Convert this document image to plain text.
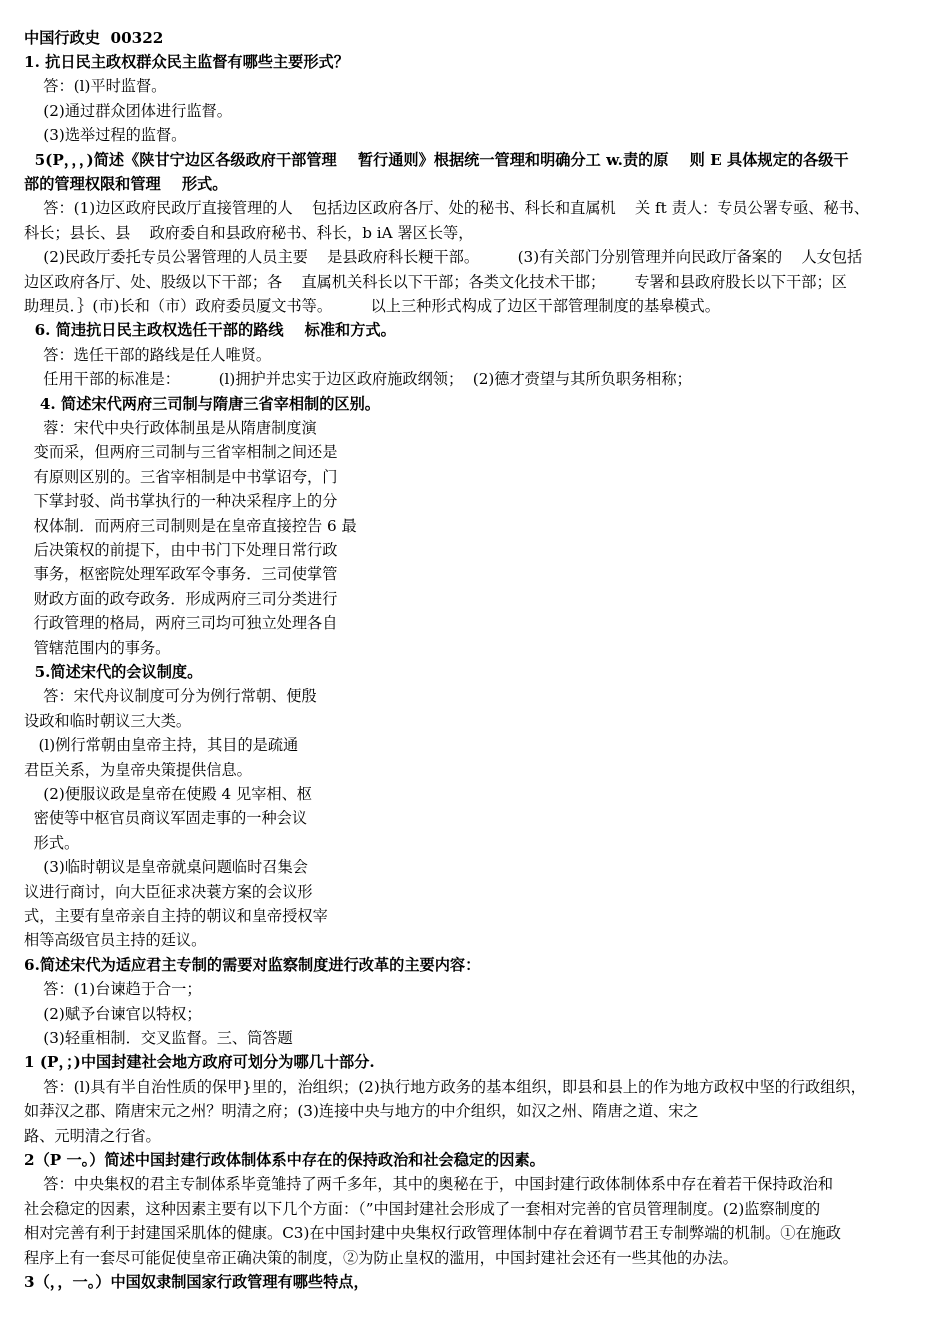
中国行政史  00322
1. 抗日民主政权群众民主监督有哪些主要形式？
答：(l)平时监督。
(2)通过群众团体进行监督。
(3)选举过程的监督。
5(P，，，)简述《陕甘宁边区各级政府干部管理    暂行通则》根据统一管理和明确分工 w.责的原    则 E 具体规定的各级干
部的管理权限和管理    形式。
答：(1)边区政府民政厅直接管理的人    包括边区政府各厅、处的秘书、科长和直属机    关 ft 责人：专员公署专亟、秘书、
科长；县长、县    政府委自和县政府秘书、科长，b iA 署区长等，
(2)民政厅委托专员公署管理的人员主要    是县政府科长粳干部。        (3)有关部门分别管理并向民政厅备案的    人女包括
边区政府各厅、处、股级以下干部；各    直属机关科长以下干部；各类文化技术干邯；      专署和县政府股长以下干部；区
助理员．｝(市)长和（市）政府委员厦文书等。        以上三种形式构成了边区干部管理制度的基皋模式。
6. 简违抗日民主政权选任干部的路线    标准和方式。
答：选任干部的路线是任人唯贤。
任用干部的标准是：        (l)拥护并忠实于边区政府施政纲领；  (2)德才赍望与其所负职务相称；
4. 简述宋代两府三司制与隋唐三省宰相制的区别。
蓉：宋代中央行政体制虽是从隋唐制度演
变而采，但两府三司制与三省宰相制之间还是
有原则区别的。三省宰相制是中书掌诏夸，门
下掌封驳、尚书掌执行的一种决采程序上的分
权体制．而两府三司制则是在皇帝直接控告 6 最
后决策权的前提下，由中书门下处理日常行政
事务，枢密院处理军政军令事务．三司使掌管
财政方面的政夸政务．形成两府三司分类进行
行政管理的格局，两府三司均可独立处理各自
管辖范围内的事务。
5.简述宋代的会议制度。
答：宋代舟议制度可分为例行常朝、便殷
设政和临时朝议三大类。
(l)例行常朝由皇帝主持，其目的是疏通
君臣关系，为皇帝央策提供信息。
(2)便服议政是皇帝在使殿 4 见宰相、枢
密使等中枢官员商议军固走事的一种会议
形式。
(3)临时朝议是皇帝就桌问题临时召集会
议进行商讨，向大臣征求决蓑方案的会议形
式，主要有皇帝亲自主持的朝议和皇帝授权宰
相等高级官员主持的廷议。
6.简述宋代为适应君主专制的需要对监察制度进行改革的主要内容：
答：(1)台谏趋于合一；
(2)赋予台谏官以特权；
(3)轻重相制．交叉监督。三、筒答题
1 (P，；)中国封建社会地方政府可划分为哪几十部分.
答：(l)具有半自治性质的保甲}里的，治组织；(2)执行地方政务的基本组织，即县和县上的作为地方政权中坚的行政组织，
如莽汉之郡、隋唐宋元之州？明清之府；(3)连接中央与地方的中介组织，如汉之州、隋唐之道、宋之
路、元明清之行省。
2（P 一。）简述中国封建行政体制体系中存在的保持政治和社会稳定的因素。
答：中央集权的君主专制体系毕竟雏持了两千多年，其中的奥秘在于，中国封建行政体制体系中存在着若干保持政治和
社会稳定的因素，这种因素主要有以下几个方面：（”中国封建社会形成了一套相对完善的官员管理制度。(2)监察制度的
相对完善有利于封建国采肌体的健康。C3)在中国封建中央集权行政管理体制中存在着调节君王专制弊端的机制。①在施政
程序上有一套尽可能促使皇帝正确决策的制度，②为防止皇权的滥用，中国封建社会还有一些其他的办法。
3（，，一。）中国奴隶制国家行政管理有哪些特点，
